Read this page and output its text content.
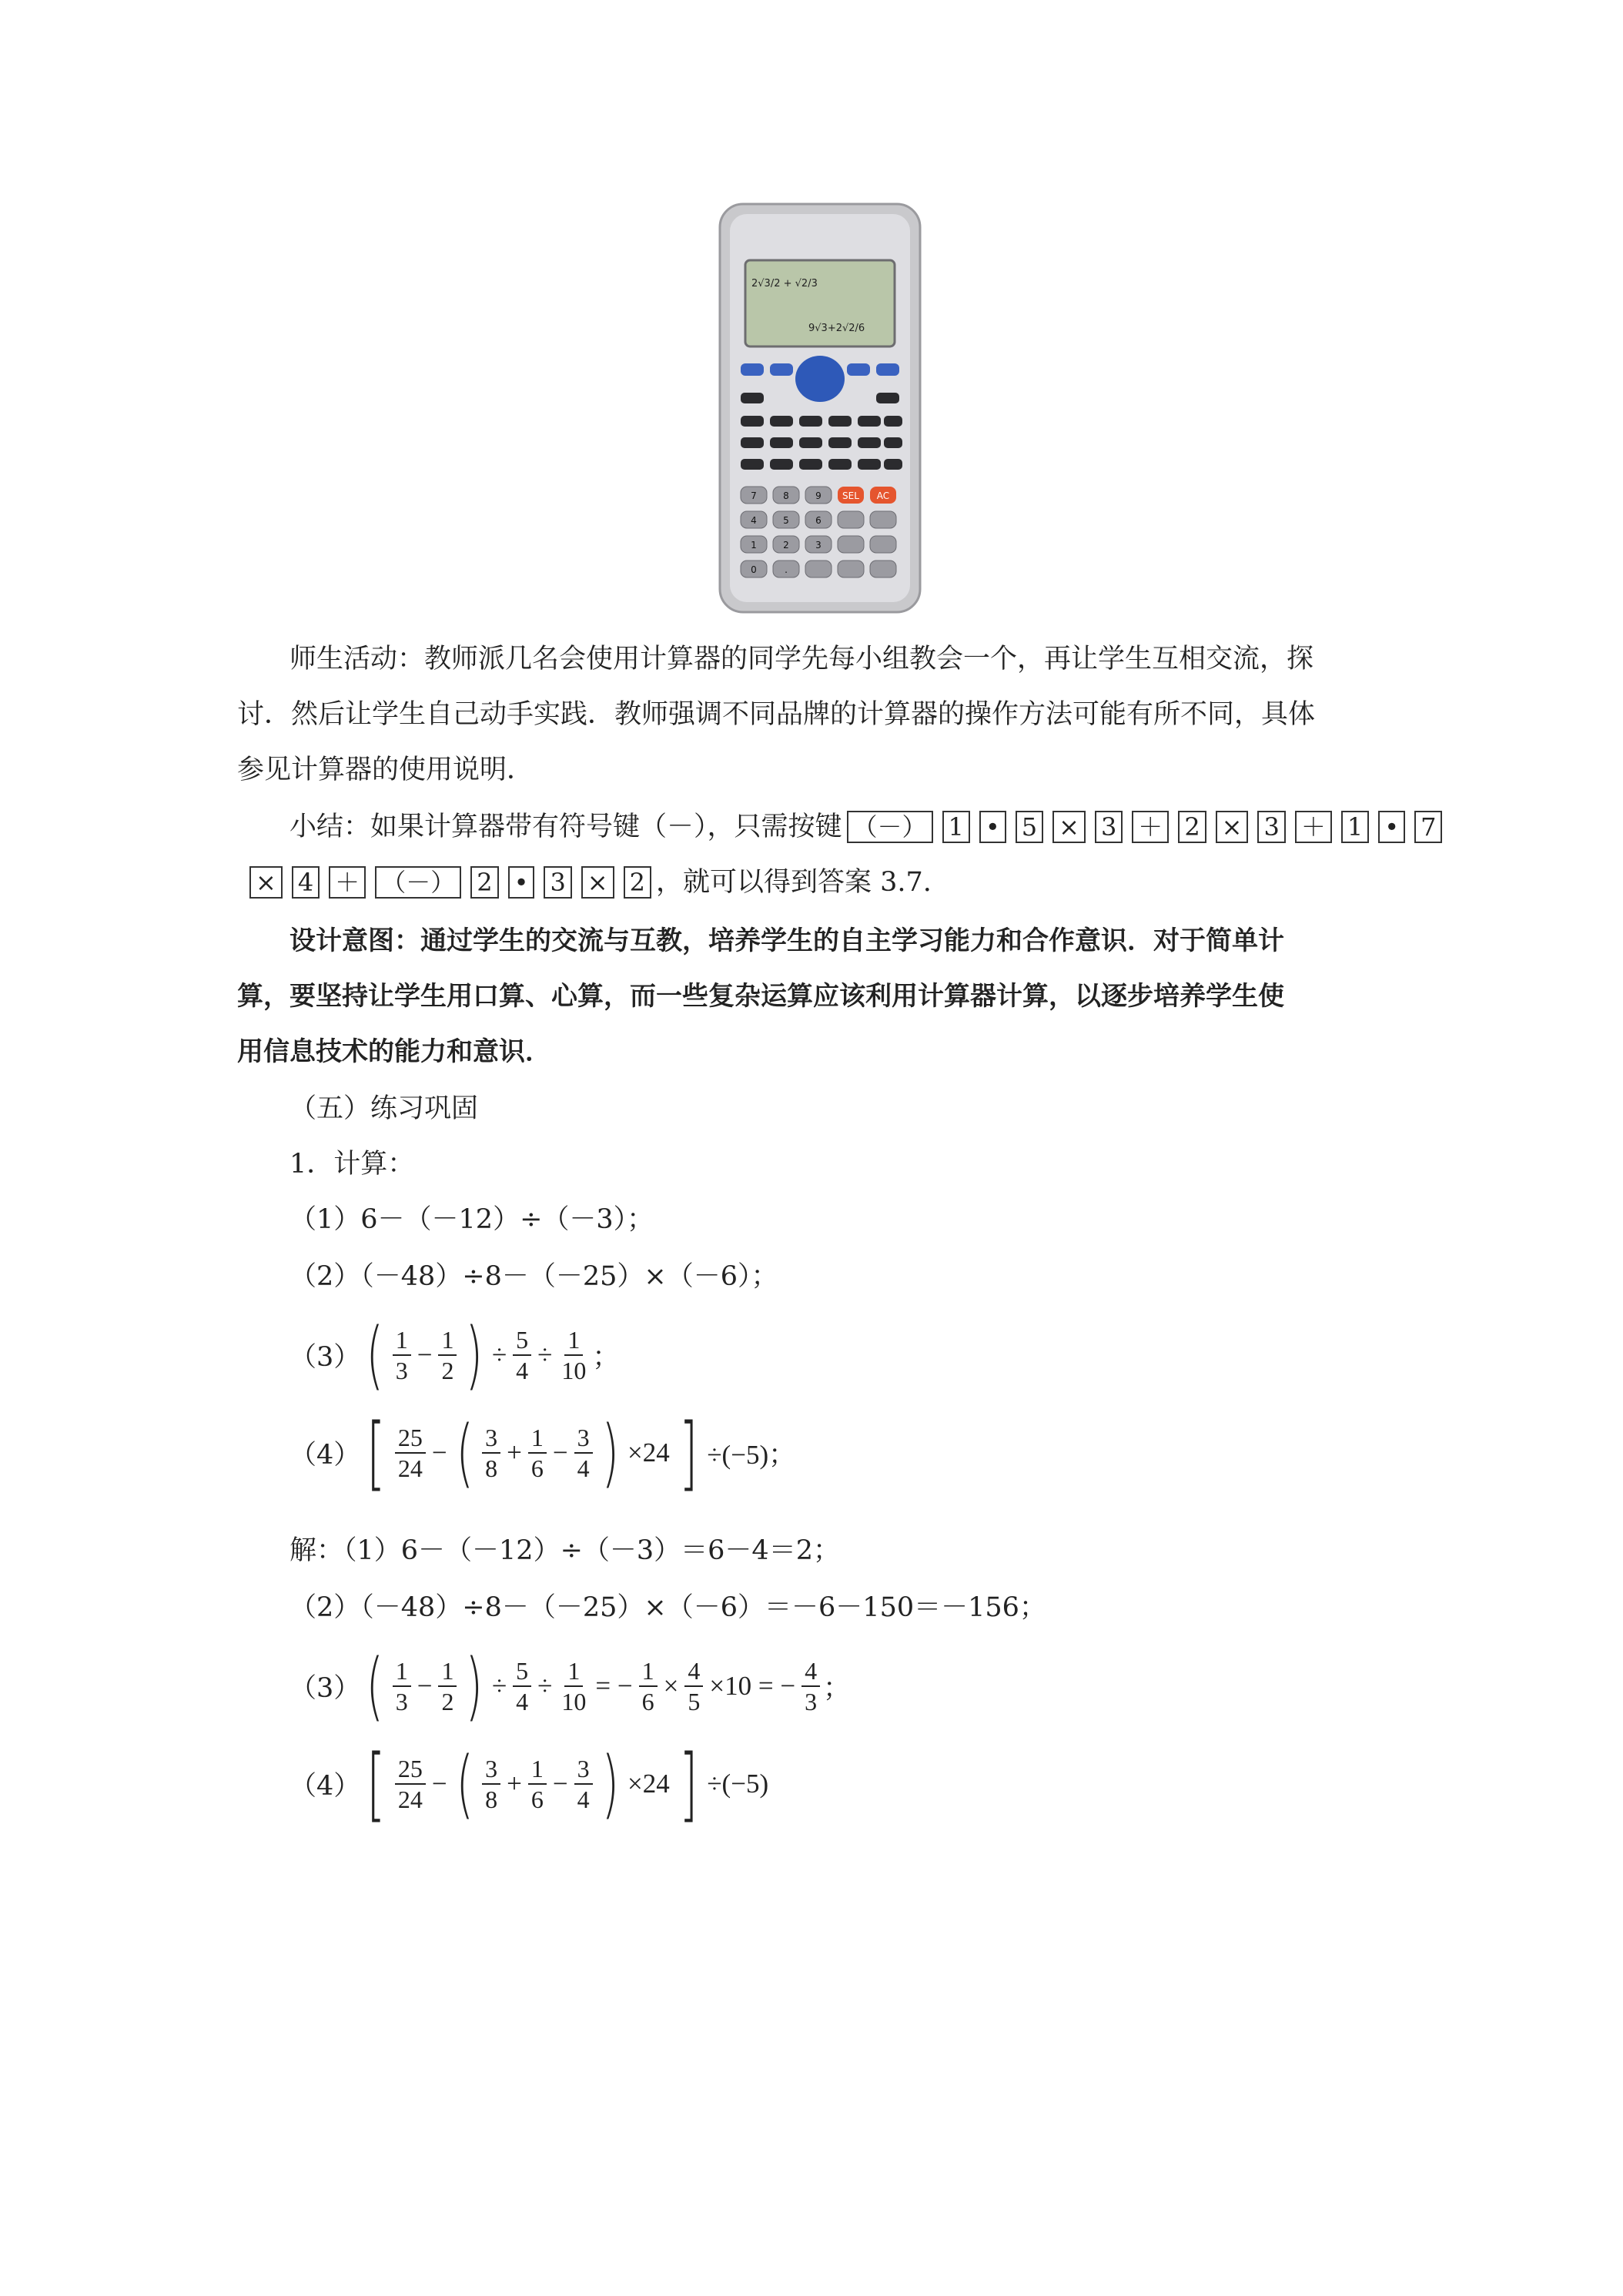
2√3/2 + √2/3
9√3+2√2/6
SEL AC
7	8	9
4	5	6
1	2	3
0	.
师生活动：教师派几名会使用计算器的同学先每小组教会一个，再让学生互相交流，探
讨．然后让学生自己动手实践．教师强调不同品牌的计算器的操作方法可能有所不同，具体
参见计算器的使用说明．
小结：如果计算器带有符号键（－），只需按键 （－） 1 • 5 × 3 ＋ 2 × 3 ＋ 1 • 7
× 4 ＋ （－） 2 • 3 × 2 ，就可以得到答案 3.7.
设计意图：通过学生的交流与互教，培养学生的自主学习能力和合作意识．对于简单计
算，要坚持让学生用口算、心算，而一些复杂运算应该利用计算器计算，以逐步培养学生使
用信息技术的能力和意识．
（五）练习巩固
1．计算：
（1）6－（－12）÷（－3）；
（2）（－48）÷8－（－25）×（－6）；
（3） ( $\frac{1}{3} - \frac{1}{2}$ ) ÷ $\frac{5}{4} \div \frac{1}{10}$ ；
（4） [ $\frac{25}{24}$ − ( $\frac{3}{8} + \frac{1}{6} - \frac{3}{4}$ ) ×24 ] ÷(−5)；
解：（1）6－（－12）÷（－3）＝6－4＝2；
（2）（－48）÷8－（－25）×（－6）＝－6－150＝－156；
（3） ( $\frac{1}{3} - \frac{1}{2}$ ) ÷ $\frac{5}{4} \div \frac{1}{10}$ = − $\frac{1}{6} \times \frac{4}{5} \times 10$ = − $\frac{4}{3}$ ；
（4） [ $\frac{25}{24}$ − ( $\frac{3}{8} + \frac{1}{6} - \frac{3}{4}$ ) ×24 ] ÷(−5)
